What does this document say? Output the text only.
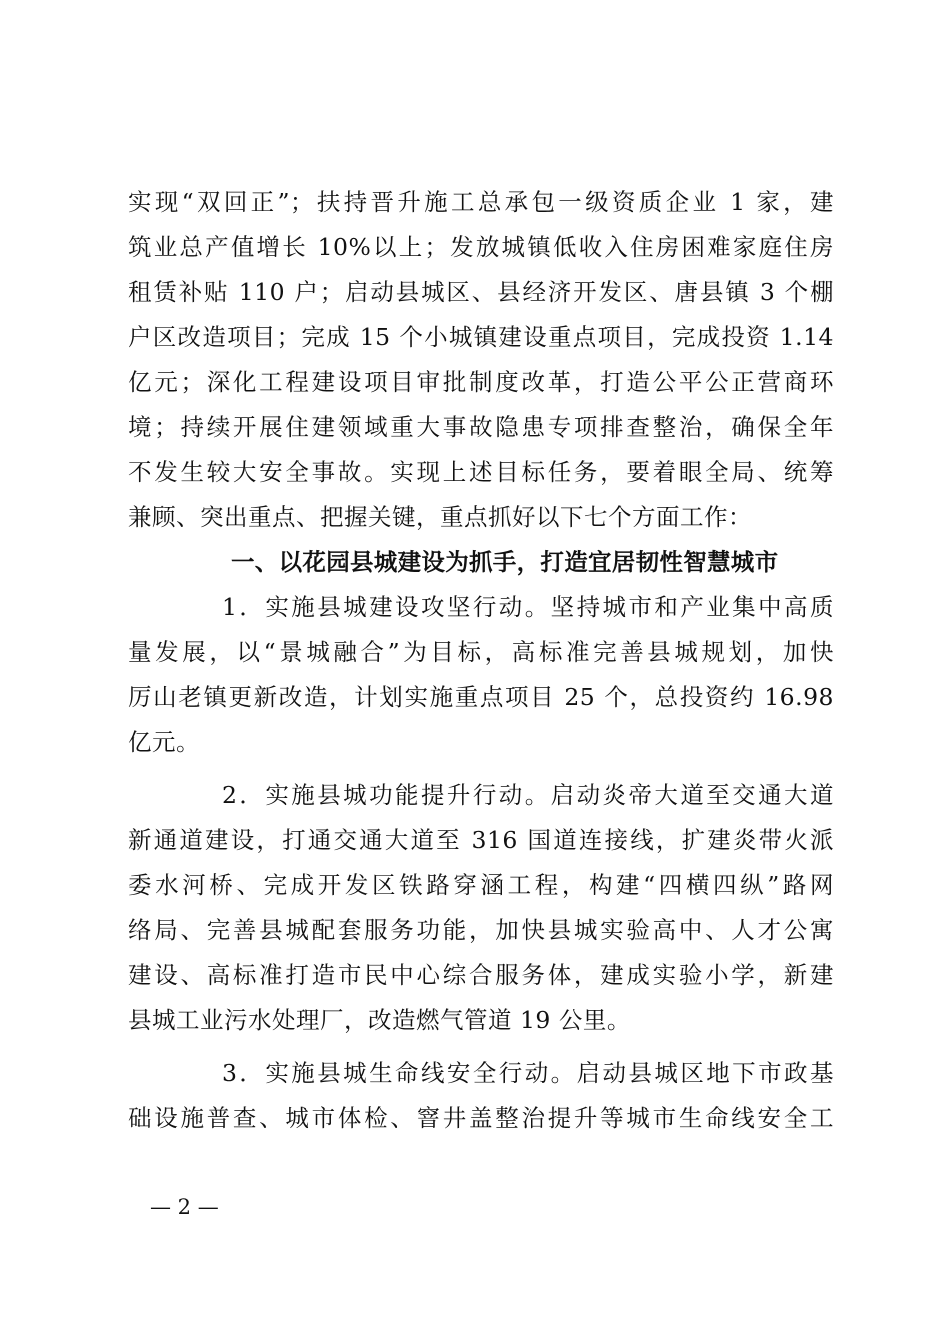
实现“双回正”；扶持晋升施工总承包一级资质企业 1 家，建
筑业总产值增长 10%以上；发放城镇低收入住房困难家庭住房
租赁补贴 110 户；启动县城区、县经济开发区、唐县镇 3 个棚
户区改造项目；完成 15 个小城镇建设重点项目，完成投资 1.14
亿元；深化工程建设项目审批制度改革，打造公平公正营商环
境；持续开展住建领域重大事故隐患专项排查整治，确保全年
不发生较大安全事故。实现上述目标任务，要着眼全局、统筹
兼顾、突出重点、把握关键，重点抓好以下七个方面工作：
一、以花园县城建设为抓手，打造宜居韧性智慧城市
1．实施县城建设攻坚行动。坚持城市和产业集中高质
量发展，以“景城融合”为目标，高标准完善县城规划，加快
厉山老镇更新改造，计划实施重点项目 25 个，总投资约 16.98
亿元。
2．实施县城功能提升行动。启动炎帝大道至交通大道
新通道建设，打通交通大道至 316 国道连接线，扩建炎带火派
委水河桥、完成开发区铁路穿涵工程，构建“四横四纵”路网
络局、完善县城配套服务功能，加快县城实验高中、人才公寓
建设、高标准打造市民中心综合服务体，建成实验小学，新建
县城工业污水处理厂，改造燃气管道 19 公里。
3．实施县城生命线安全行动。启动县城区地下市政基
础设施普查、城市体检、窨井盖整治提升等城市生命线安全工
— 2 —
